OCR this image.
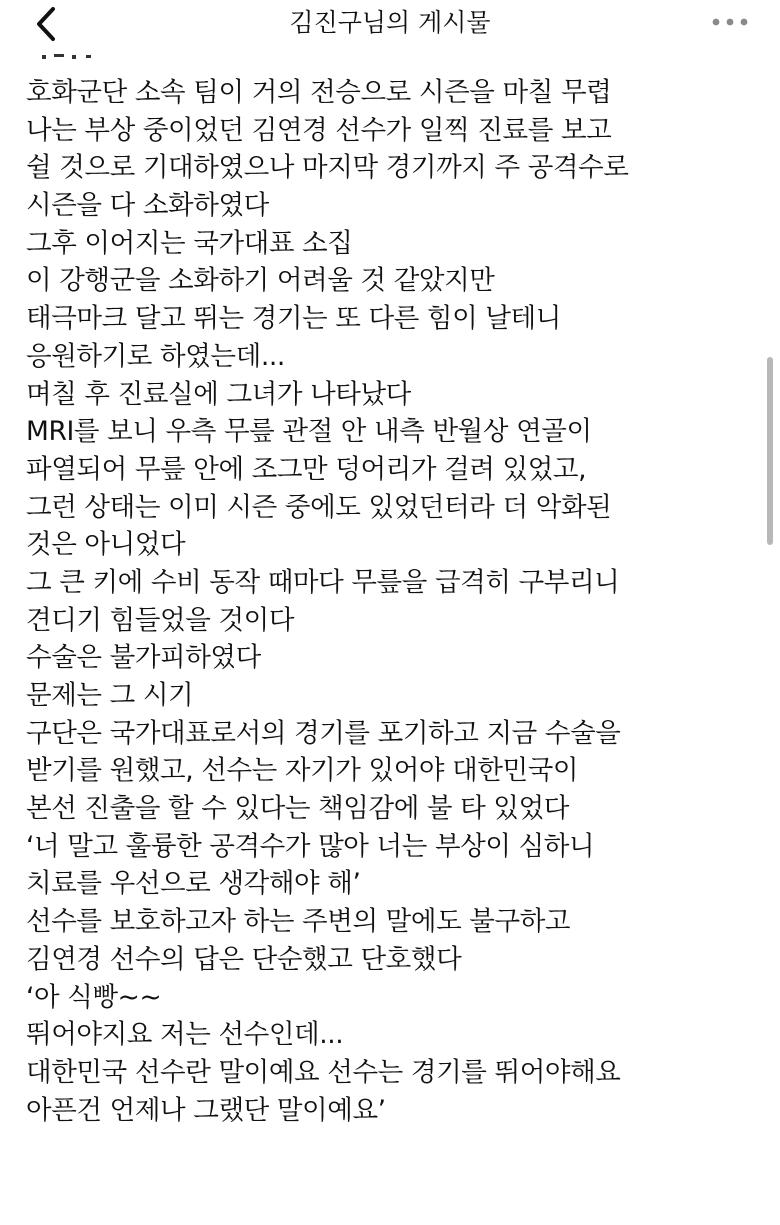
김진구님의 게시물
호화군단 소속 팀이 거의 전승으로 시즌을 마칠 무렵
나는 부상 중이었던 김연경 선수가 일찍 진료를 보고
쉴 것으로 기대하였으나 마지막 경기까지 주 공격수로
시즌을 다 소화하였다
그후 이어지는 국가대표 소집
이 강행군을 소화하기 어려울 것 같았지만
태극마크 달고 뛰는 경기는 또 다른 힘이 날테니
응원하기로 하였는데...
며칠 후 진료실에 그녀가 나타났다
MRI를 보니 우측 무릎 관절 안 내측 반월상 연골이
파열되어 무릎 안에 조그만 덩어리가 걸려 있었고,
그런 상태는 이미 시즌 중에도 있었던터라 더 악화된
것은 아니었다
그 큰 키에 수비 동작 때마다 무릎을 급격히 구부리니
견디기 힘들었을 것이다
수술은 불가피하였다
문제는 그 시기
구단은 국가대표로서의 경기를 포기하고 지금 수술을
받기를 원했고, 선수는 자기가 있어야 대한민국이
본선 진출을 할 수 있다는 책임감에 불 타 있었다
‘너 말고 훌륭한 공격수가 많아 너는 부상이 심하니
치료를 우선으로 생각해야 해’
선수를 보호하고자 하는 주변의 말에도 불구하고
김연경 선수의 답은 단순했고 단호했다
‘아 식빵~~
뛰어야지요 저는 선수인데...
대한민국 선수란 말이예요 선수는 경기를 뛰어야해요
아픈건 언제나 그랬단 말이예요’
